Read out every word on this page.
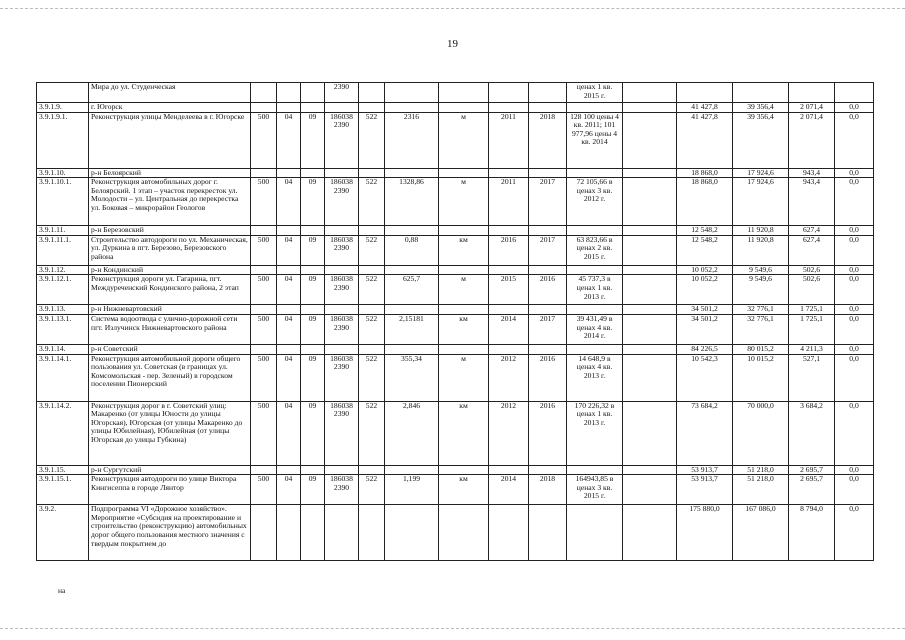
19
	Мира до ул. Студенческая				2390						ценах 1 кв. 2015 г.					
3.9.1.9.	г. Югорск												41 427,8	39 356,4	2 071,4	0,0
3.9.1.9.1.	Реконструкция улицы Менделеева в г. Югорске	500	04	09	186038 2390	522	2316	м	2011	2018	128 100 цены 4 кв. 2011; 101 977,96 цены 4 кв. 2014		41 427,8	39 356,4	2 071,4	0,0
3.9.1.10.	р-н Белоярский												18 868,0	17 924,6	943,4	0,0
3.9.1.10.1.	Реконструкция автомобильных дорог г. Белоярский. 1 этап – участок перекресток ул. Молодости – ул. Центральная до перекрестка ул. Боковая – микрорайон Геологов	500	04	09	186038 2390	522	1328,86	м	2011	2017	72 105,66 в ценах 3 кв. 2012 г.		18 868,0	17 924,6	943,4	0,0
3.9.1.11.	р-н Березовский												12 548,2	11 920,8	627,4	0,0
3.9.1.11.1.	Строительство автодороги по ул. Механическая, ул. Дуркина в пгт. Березово, Березовского района	500	04	09	186038 2390	522	0,88	км	2016	2017	63 823,66 в ценах 2 кв. 2015 г.		12 548,2	11 920,8	627,4	0,0
3.9.1.12.	р-н Кондинский												10 052,2	9 549,6	502,6	0,0
3.9.1.12.1.	Реконструкция дороги ул. Гагарина, пгт. Междуреченский Кондинского района, 2 этап	500	04	09	186038 2390	522	625,7	м	2015	2016	45 737,3 в ценах 1 кв. 2013 г.		10 052,2	9 549,6	502,6	0,0
3.9.1.13.	р-н Нижневартовский												34 501,2	32 776,1	1 725,1	0,0
3.9.1.13.1.	Система водоотвода с улично-дорожной сети пгт. Излучинск Нижневартовского района	500	04	09	186038 2390	522	2,15181	км	2014	2017	39 431,49 в ценах 4 кв. 2014 г.		34 501,2	32 776,1	1 725,1	0,0
3.9.1.14.	р-н Советский												84 226,5	80 015,2	4 211,3	0,0
3.9.1.14.1.	Реконструкция автомобильной дороги общего пользования ул. Советская (в границах ул. Комсомольская - пер. Зеленый) в городском поселении Пионерский	500	04	09	186038 2390	522	355,34	м	2012	2016	14 648,9 в ценах 4 кв. 2013 г.		10 542,3	10 015,2	527,1	0,0
3.9.1.14.2.	Реконструкция дорог в г. Советский улиц: Макаренко (от улицы Юности до улицы Югорская), Югорская (от улицы Макаренко до улицы Юбилейная), Юбилейная (от улицы Югорская до улицы Губкина)	500	04	09	186038 2390	522	2,846	км	2012	2016	170 226,32 в ценах 1 кв. 2013 г.		73 684,2	70 000,0	3 684,2	0,0
3.9.1.15.	р-н Сургутский												53 913,7	51 218,0	2 695,7	0,0
3.9.1.15.1.	Реконструкция автодороги по улице Виктора Кингисеппа в городе Лянтор	500	04	09	186038 2390	522	1,199	км	2014	2018	164943,85 в ценах 3 кв. 2015 г.		53 913,7	51 218,0	2 695,7	0,0
3.9.2.	Подпрограмма VI «Дорожное хозяйство». Мероприятие «Субсидия на проектирование и строительство (реконструкцию) автомобильных дорог общего пользования местного значения с твердым покрытием до												175 880,0	167 086,0	8 794,0	0,0
на
